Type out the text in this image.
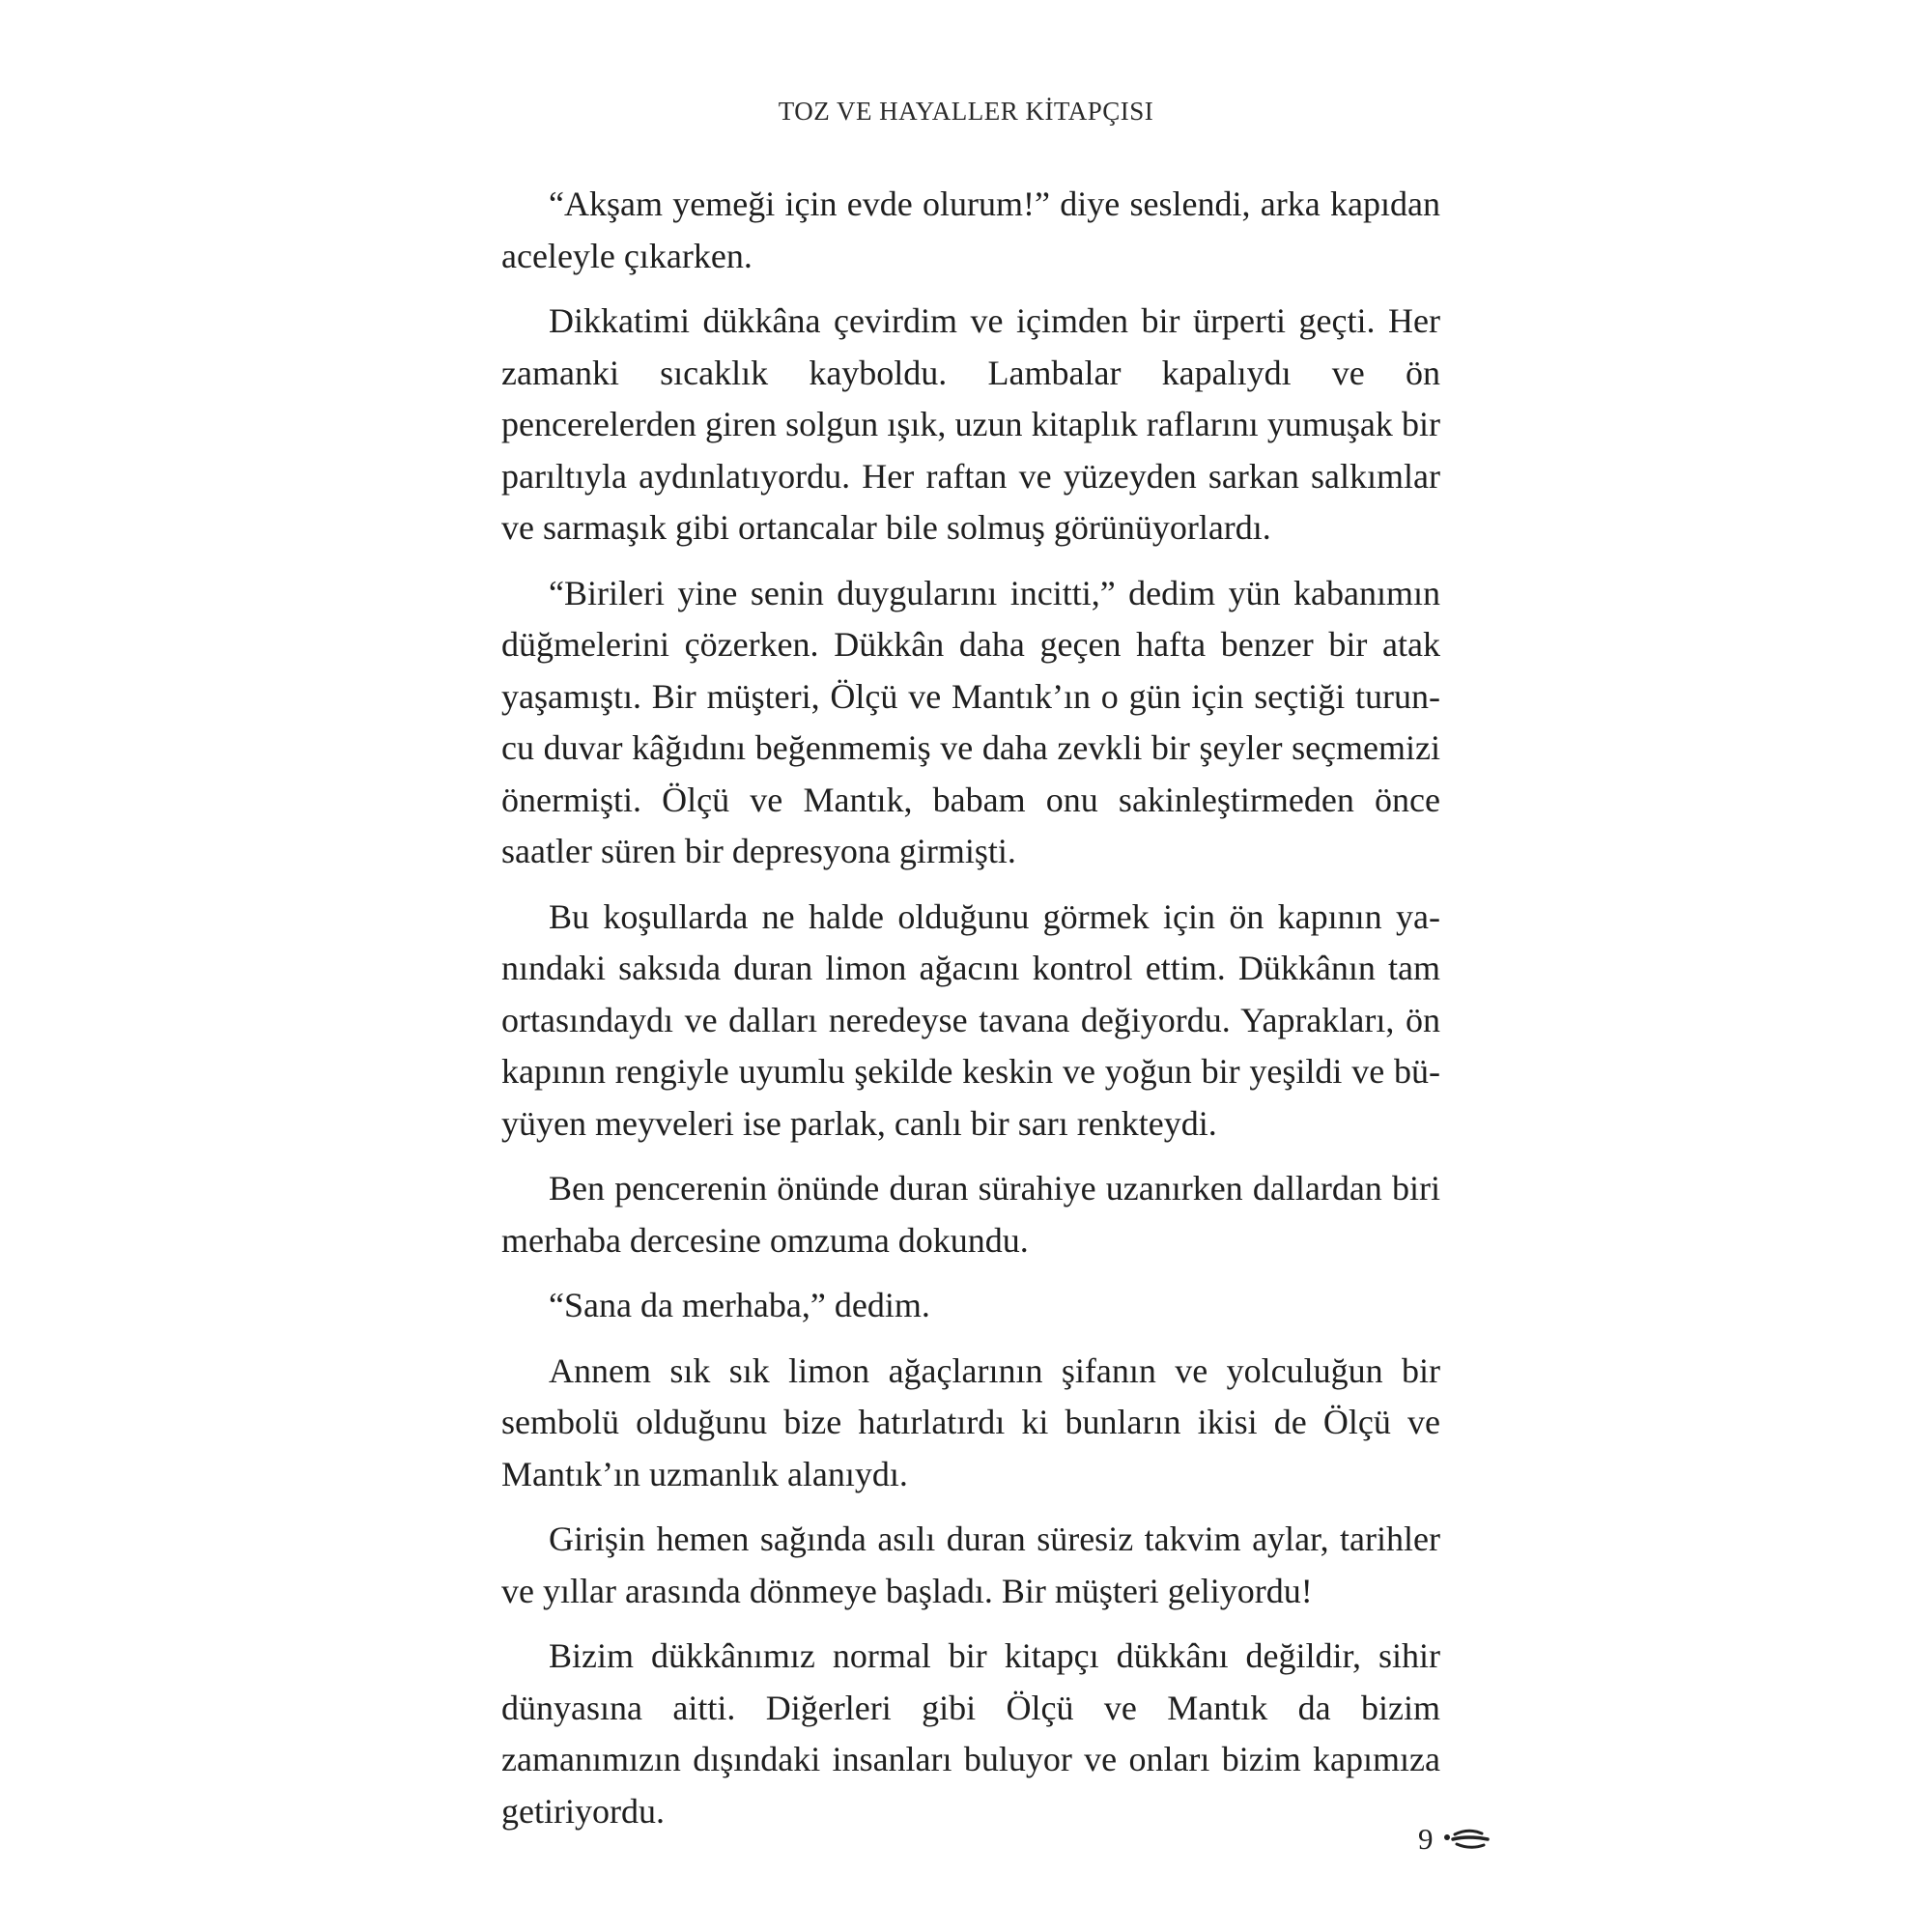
TOZ VE HAYALLER KİTAPÇISI

“Akşam yemeği için evde olurum!” diye seslendi, arka kapıdan aceleyle çıkarken.

Dikkatimi dükkâna çevirdim ve içimden bir ürperti geçti. Her zamanki sıcaklık kayboldu. Lambalar kapalıydı ve ön pencerelerden giren solgun ışık, uzun kitaplık raflarını yumuşak bir parıltıyla aydınlatıyordu. Her raftan ve yüzeyden sarkan salkımlar ve sarmaşık gibi ortancalar bile solmuş görünüyorlardı.

“Birileri yine senin duygularını incitti,” dedim yün kabanımın düğmelerini çözerken. Dükkân daha geçen hafta benzer bir atak yaşamıştı. Bir müşteri, Ölçü ve Mantık’ın o gün için seçtiği turuncu duvar kâğıdını beğenmemiş ve daha zevkli bir şeyler seçmemizi önermişti. Ölçü ve Mantık, babam onu sakinleştirmeden önce saatler süren bir depresyona girmişti.

Bu koşullarda ne halde olduğunu görmek için ön kapının yanındaki saksıda duran limon ağacını kontrol ettim. Dükkânın tam ortasındaydı ve dalları neredeyse tavana değiyordu. Yaprakları, ön kapının rengiyle uyumlu şekilde keskin ve yoğun bir yeşildi ve büyüyen meyveleri ise parlak, canlı bir sarı renkteydi.

Ben pencerenin önünde duran sürahiye uzanırken dallardan biri merhaba dercesine omzuma dokundu.

“Sana da merhaba,” dedim.

Annem sık sık limon ağaçlarının şifanın ve yolculuğun bir sembolü olduğunu bize hatırlatırdı ki bunların ikisi de Ölçü ve Mantık’ın uzmanlık alanıydı.

Girişin hemen sağında asılı duran süresiz takvim aylar, tarihler ve yıllar arasında dönmeye başladı. Bir müşteri geliyordu!

Bizim dükkânımız normal bir kitapçı dükkânı değildir, sihir dünyasına aitti. Diğerleri gibi Ölçü ve Mantık da bizim zamanımızın dışındaki insanları buluyor ve onları bizim kapımıza getiriyordu.

9
